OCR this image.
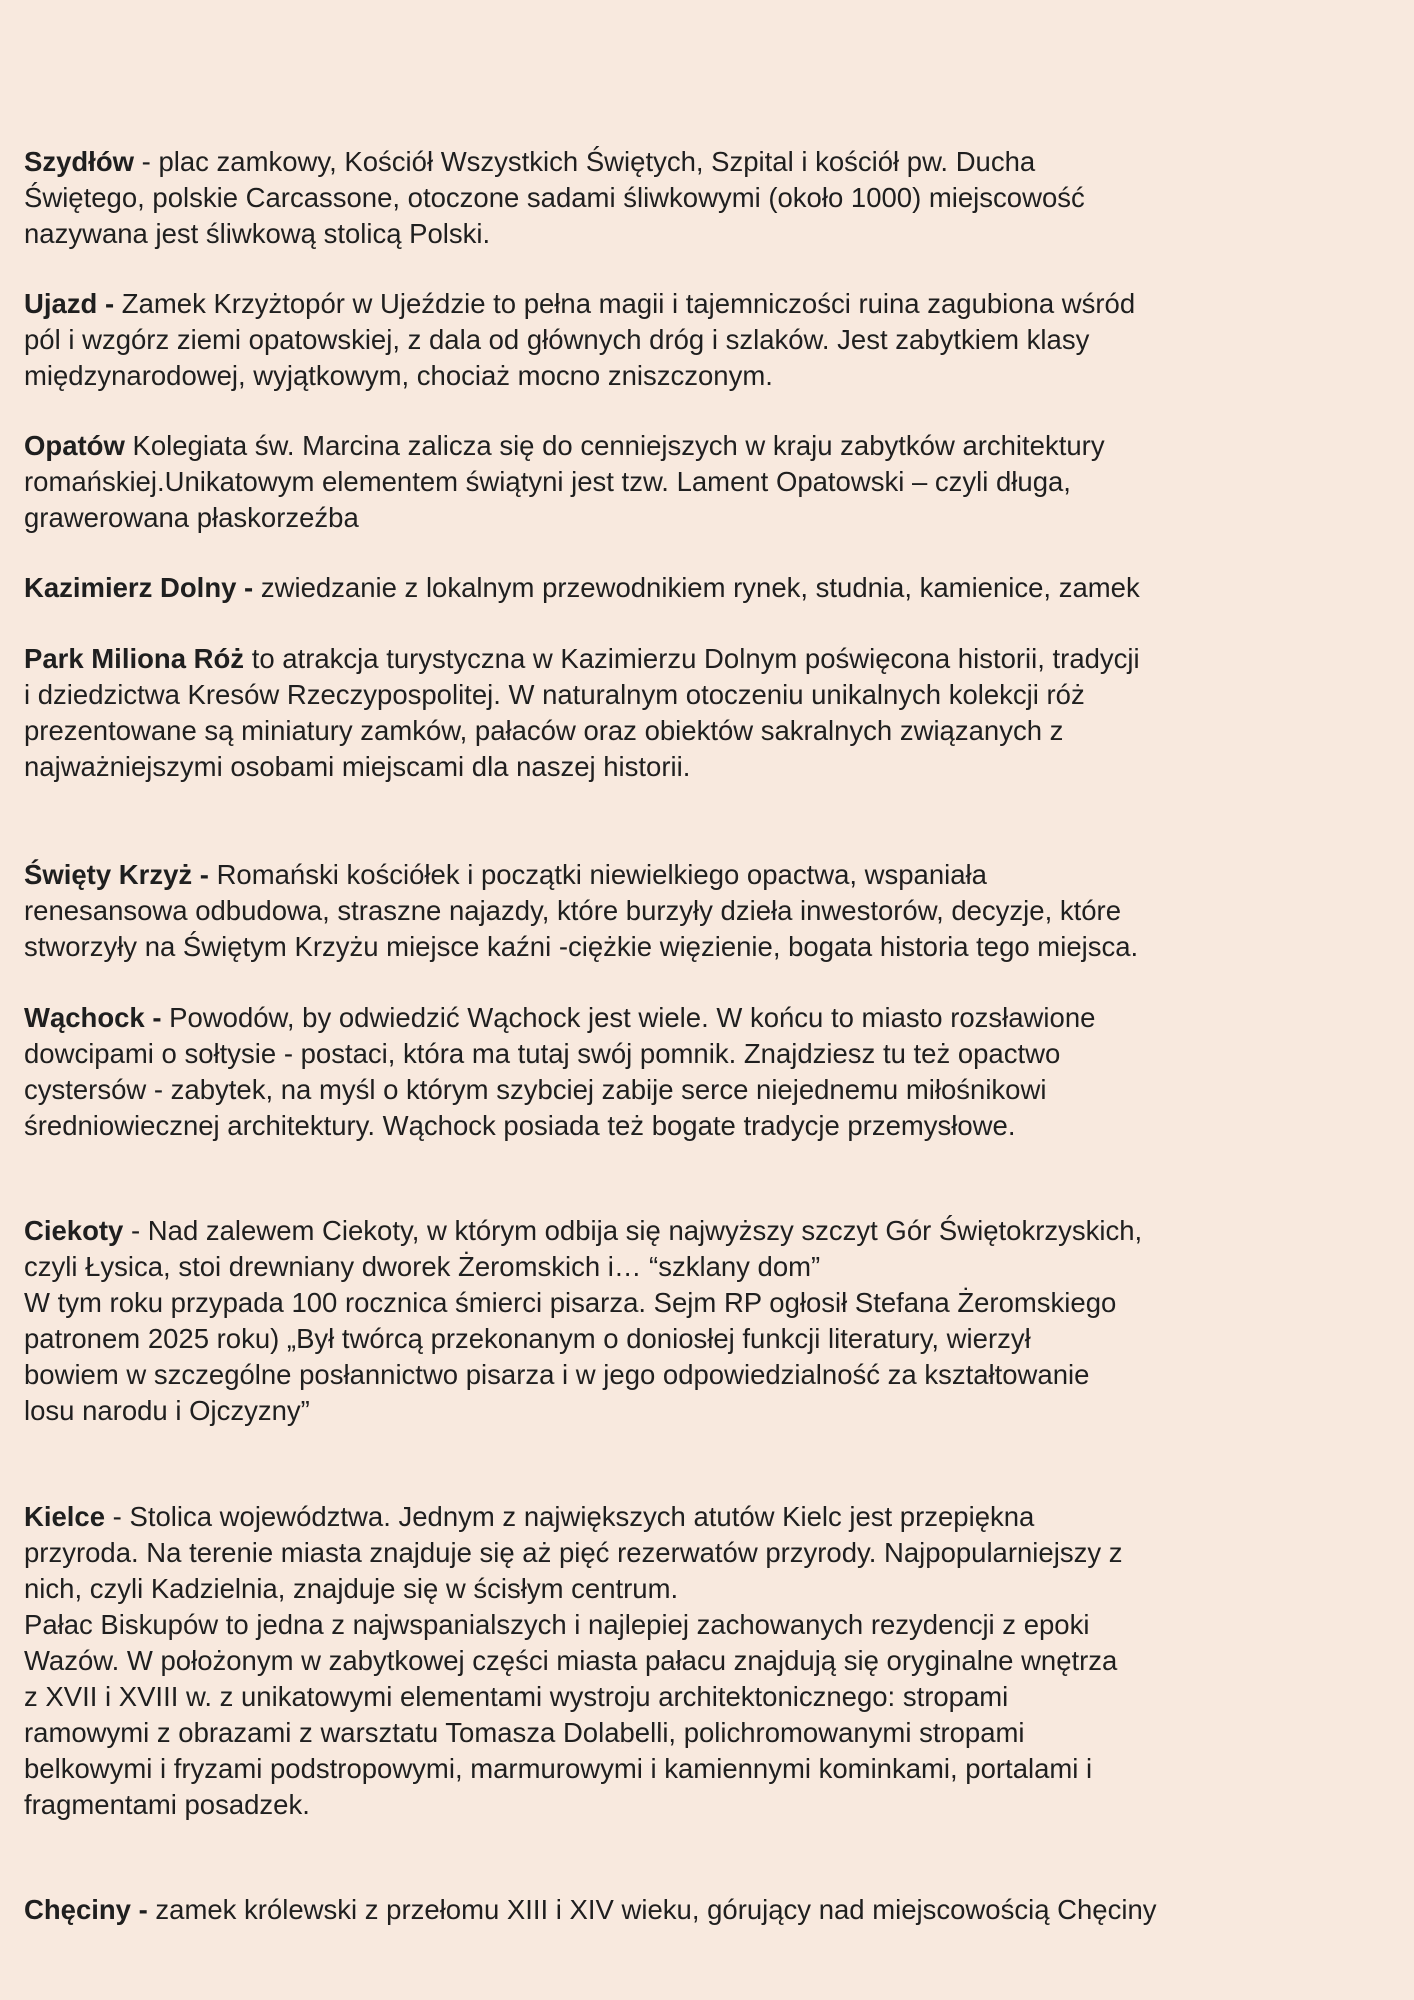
Szydłów - plac zamkowy, Kościół Wszystkich Świętych, Szpital i kościół pw. Ducha
Świętego, polskie Carcassone, otoczone sadami śliwkowymi (około 1000) miejscowość
nazywana jest śliwkową stolicą Polski.

Ujazd - Zamek Krzyżtopór w Ujeździe to pełna magii i tajemniczości ruina zagubiona wśród
pól i wzgórz ziemi opatowskiej, z dala od głównych dróg i szlaków. Jest zabytkiem klasy
międzynarodowej, wyjątkowym, chociaż mocno zniszczonym.

Opatów Kolegiata św. Marcina zalicza się do cenniejszych w kraju zabytków architektury
romańskiej.Unikatowym elementem świątyni jest tzw. Lament Opatowski – czyli długa,
grawerowana płaskorzeźba

Kazimierz Dolny - zwiedzanie z lokalnym przewodnikiem rynek, studnia, kamienice, zamek

Park Miliona Róż to atrakcja turystyczna w Kazimierzu Dolnym poświęcona historii, tradycji
i dziedzictwa Kresów Rzeczypospolitej. W naturalnym otoczeniu unikalnych kolekcji róż
prezentowane są miniatury zamków, pałaców oraz obiektów sakralnych związanych z
najważniejszymi osobami miejscami dla naszej historii.

Święty Krzyż - Romański kościółek i początki niewielkiego opactwa, wspaniała
renesansowa odbudowa, straszne najazdy, które burzyły dzieła inwestorów, decyzje, które
stworzyły na Świętym Krzyżu miejsce kaźni -ciężkie więzienie, bogata historia tego miejsca.

Wąchock - Powodów, by odwiedzić Wąchock jest wiele. W końcu to miasto rozsławione
dowcipami o sołtysie - postaci, która ma tutaj swój pomnik. Znajdziesz tu też opactwo
cystersów - zabytek, na myśl o którym szybciej zabije serce niejednemu miłośnikowi
średniowiecznej architektury. Wąchock posiada też bogate tradycje przemysłowe.

Ciekoty - Nad zalewem Ciekoty, w którym odbija się najwyższy szczyt Gór Świętokrzyskich,
czyli Łysica, stoi drewniany dworek Żeromskich i… “szklany dom”
W tym roku przypada 100 rocznica śmierci pisarza. Sejm RP ogłosił Stefana Żeromskiego
patronem 2025 roku) „Był twórcą przekonanym o doniosłej funkcji literatury, wierzył
bowiem w szczególne posłannictwo pisarza i w jego odpowiedzialność za kształtowanie
losu narodu i Ojczyzny”

Kielce - Stolica województwa. Jednym z największych atutów Kielc jest przepiękna
przyroda. Na terenie miasta znajduje się aż pięć rezerwatów przyrody. Najpopularniejszy z
nich, czyli Kadzielnia, znajduje się w ścisłym centrum.
Pałac Biskupów to jedna z najwspanialszych i najlepiej zachowanych rezydencji z epoki
Wazów. W położonym w zabytkowej części miasta pałacu znajdują się oryginalne wnętrza
z XVII i XVIII w. z unikatowymi elementami wystroju architektonicznego: stropami
ramowymi z obrazami z warsztatu Tomasza Dolabelli, polichromowanymi stropami
belkowymi i fryzami podstropowymi, marmurowymi i kamiennymi kominkami, portalami i
fragmentami posadzek.

Chęciny - zamek królewski z przełomu XIII i XIV wieku, górujący nad miejscowością Chęciny
